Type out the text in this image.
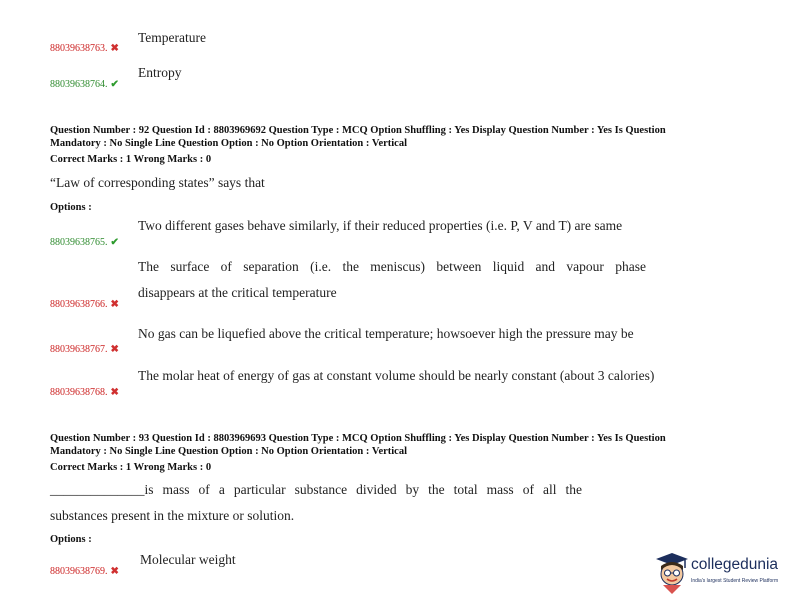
88039638763. ✖
Temperature
88039638764. ✔
Entropy
Question Number : 92 Question Id : 8803969692 Question Type : MCQ Option Shuffling : Yes Display Question Number : Yes Is Question
Mandatory : No Single Line Question Option : No Option Orientation : Vertical
Correct Marks : 1 Wrong Marks : 0
“Law of corresponding states” says that
Options :
88039638765. ✔
Two different gases behave similarly, if their reduced properties (i.e. P, V and T) are same
The surface of separation (i.e. the meniscus) between liquid and vapour phase
88039638766. ✖
disappears at the critical temperature
No gas can be liquefied above the critical temperature; howsoever high the pressure may be
88039638767. ✖
The molar heat of energy of gas at constant volume should be nearly constant (about 3 calories)
88039638768. ✖
Question Number : 93 Question Id : 8803969693 Question Type : MCQ Option Shuffling : Yes Display Question Number : Yes Is Question
Mandatory : No Single Line Question Option : No Option Orientation : Vertical
Correct Marks : 1 Wrong Marks : 0
______________is mass of a particular substance divided by the total mass of all the
substances present in the mixture or solution.
Options :
88039638769. ✖
Molecular weight	collegedunia
India's largest Student Review Platform
